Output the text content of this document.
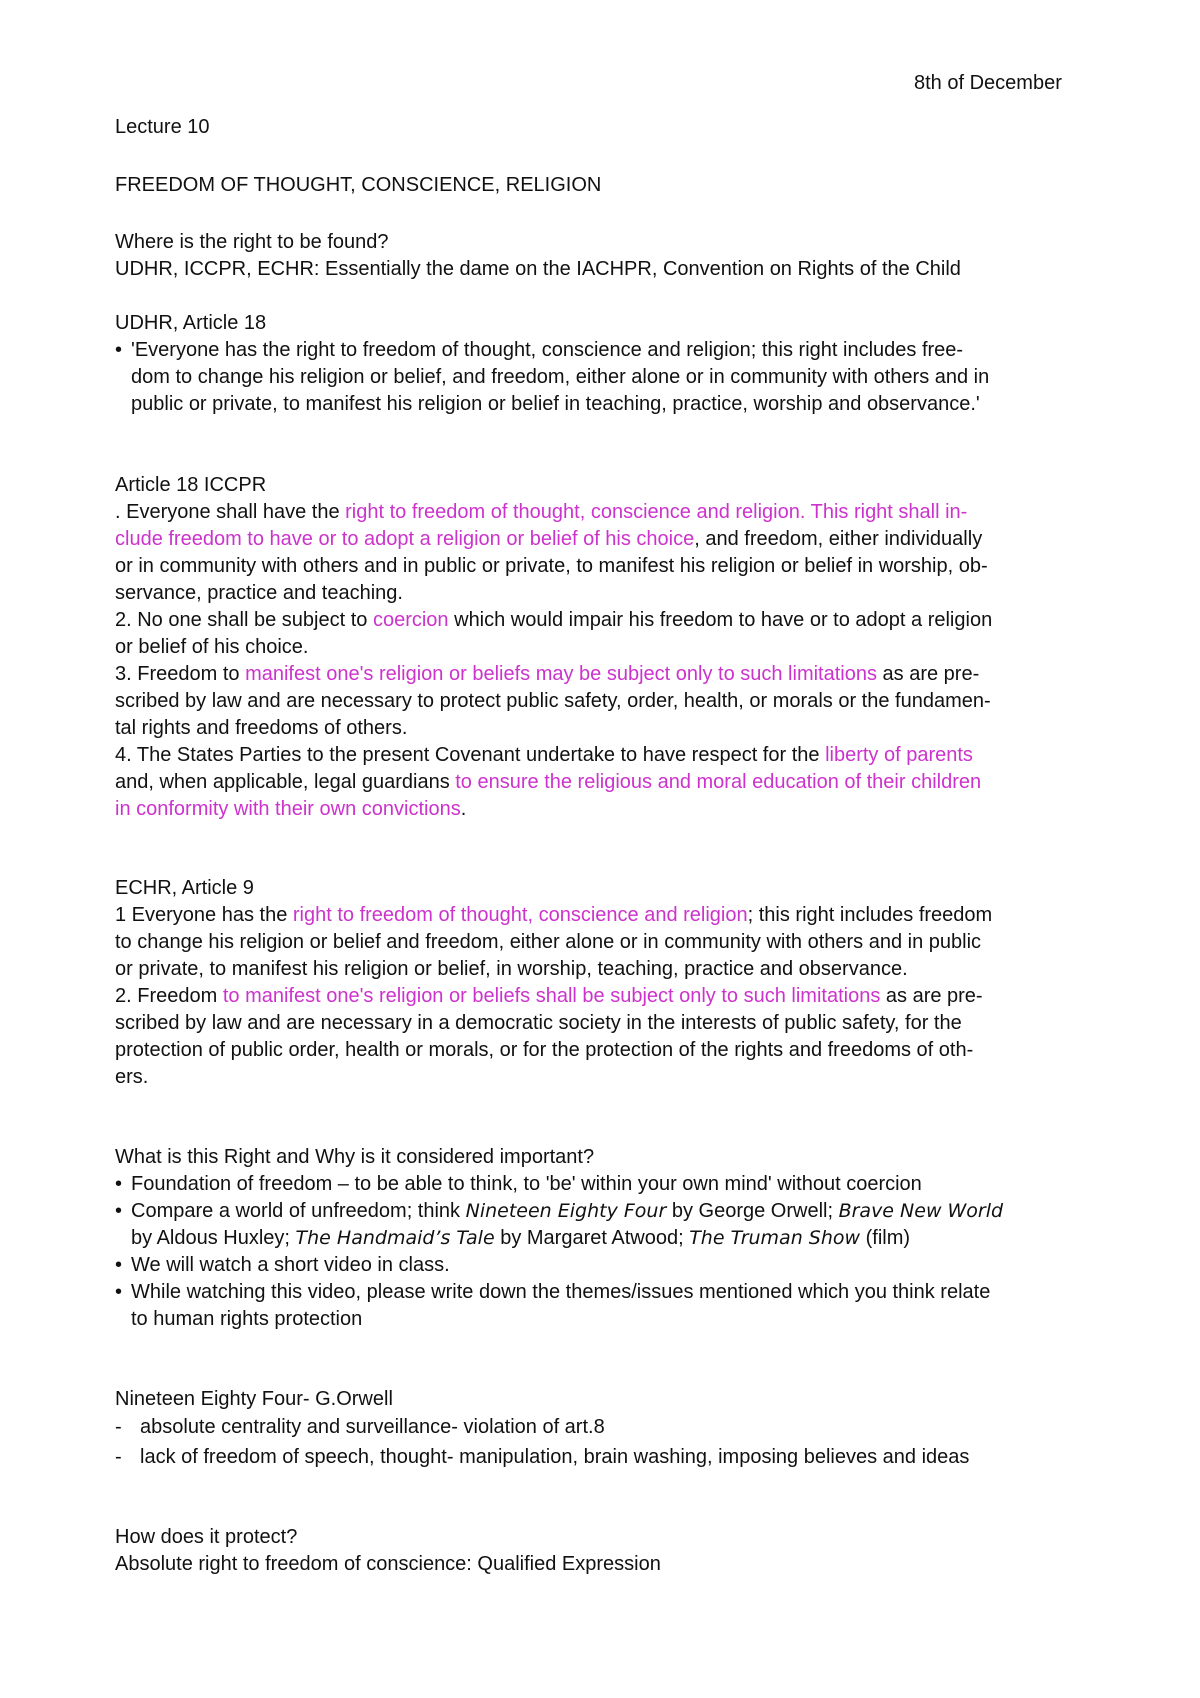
8th of December
Lecture 10
FREEDOM OF THOUGHT, CONSCIENCE, RELIGION
Where is the right to be found?
UDHR, ICCPR, ECHR: Essentially the dame on the IACHPR, Convention on Rights of the Child
UDHR, Article 18
• 'Everyone has the right to freedom of thought, conscience and religion; this right includes free-
dom to change his religion or belief, and freedom, either alone or in community with others and in
public or private, to manifest his religion or belief in teaching, practice, worship and observance.'
Article 18 ICCPR
. Everyone shall have the right to freedom of thought, conscience and religion. This right shall in-
clude freedom to have or to adopt a religion or belief of his choice, and freedom, either individually
or in community with others and in public or private, to manifest his religion or belief in worship, ob-
servance, practice and teaching.
2. No one shall be subject to coercion which would impair his freedom to have or to adopt a religion
or belief of his choice.
3. Freedom to manifest one's religion or beliefs may be subject only to such limitations as are pre-
scribed by law and are necessary to protect public safety, order, health, or morals or the fundamen-
tal rights and freedoms of others.
4. The States Parties to the present Covenant undertake to have respect for the liberty of parents
and, when applicable, legal guardians to ensure the religious and moral education of their children
in conformity with their own convictions.
ECHR, Article 9
1 Everyone has the right to freedom of thought, conscience and religion; this right includes freedom
to change his religion or belief and freedom, either alone or in community with others and in public
or private, to manifest his religion or belief, in worship, teaching, practice and observance.
2. Freedom to manifest one's religion or beliefs shall be subject only to such limitations as are pre-
scribed by law and are necessary in a democratic society in the interests of public safety, for the
protection of public order, health or morals, or for the protection of the rights and freedoms of oth-
ers.
What is this Right and Why is it considered important?
• Foundation of freedom – to be able to think, to 'be' within your own mind' without coercion
• Compare a world of unfreedom; think Nineteen Eighty Four by George Orwell; Brave New World
by Aldous Huxley; The Handmaid’s Tale by Margaret Atwood; The Truman Show (film)
• We will watch a short video in class.
• While watching this video, please write down the themes/issues mentioned which you think relate
to human rights protection
Nineteen Eighty Four- G.Orwell
- absolute centrality and surveillance- violation of art.8
- lack of freedom of speech, thought- manipulation, brain washing, imposing believes and ideas
How does it protect?
Absolute right to freedom of conscience: Qualified Expression
